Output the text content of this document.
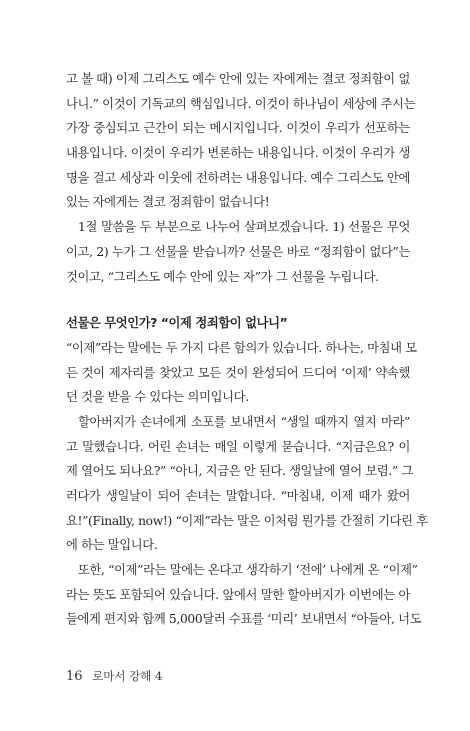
고 볼 때) 이제 그리스도 예수 안에 있는 자에게는 결코 정죄함이 없
나니.” 이것이 기독교의 핵심입니다. 이것이 하나님이 세상에 주시는
가장 중심되고 근간이 되는 메시지입니다. 이것이 우리가 선포하는
내용입니다. 이것이 우리가 변론하는 내용입니다. 이것이 우리가 생
명을 걸고 세상과 이웃에 전하려는 내용입니다. 예수 그리스도 안에
있는 자에게는 결코 정죄함이 없습니다!
1절 말씀을 두 부분으로 나누어 살펴보겠습니다. 1) 선물은 무엇
이고, 2) 누가 그 선물을 받습니까? 선물은 바로 “정죄함이 없다”는
것이고, “그리스도 예수 안에 있는 자”가 그 선물을 누립니다.
선물은 무엇인가? “이제 정죄함이 없나니”
“이제”라는 말에는 두 가지 다른 함의가 있습니다. 하나는, 마침내 모
든 것이 제자리를 찾았고 모든 것이 완성되어 드디어 ‘이제’ 약속했
던 것을 받을 수 있다는 의미입니다.
할아버지가 손녀에게 소포를 보내면서 “생일 때까지 열지 마라”
고 말했습니다. 어린 손녀는 매일 이렇게 묻습니다. “지금은요? 이
제 열어도 되나요?” “아니, 지금은 안 된다. 생일날에 열어 보렴.” 그
러다가 생일날이 되어 손녀는 말합니다. “마침내, 이제 때가 왔어
요!”(Finally, now!) “이제”라는 말은 이처럼 뭔가를 간절히 기다린 후
에 하는 말입니다.
또한, “이제”라는 말에는 온다고 생각하기 ‘전에’ 나에게 온 “이제”
라는 뜻도 포함되어 있습니다. 앞에서 말한 할아버지가 이번에는 아
들에게 편지와 함께 5,000달러 수표를 ‘미리’ 보내면서 “아들아, 너도
16 로마서 강해 4
